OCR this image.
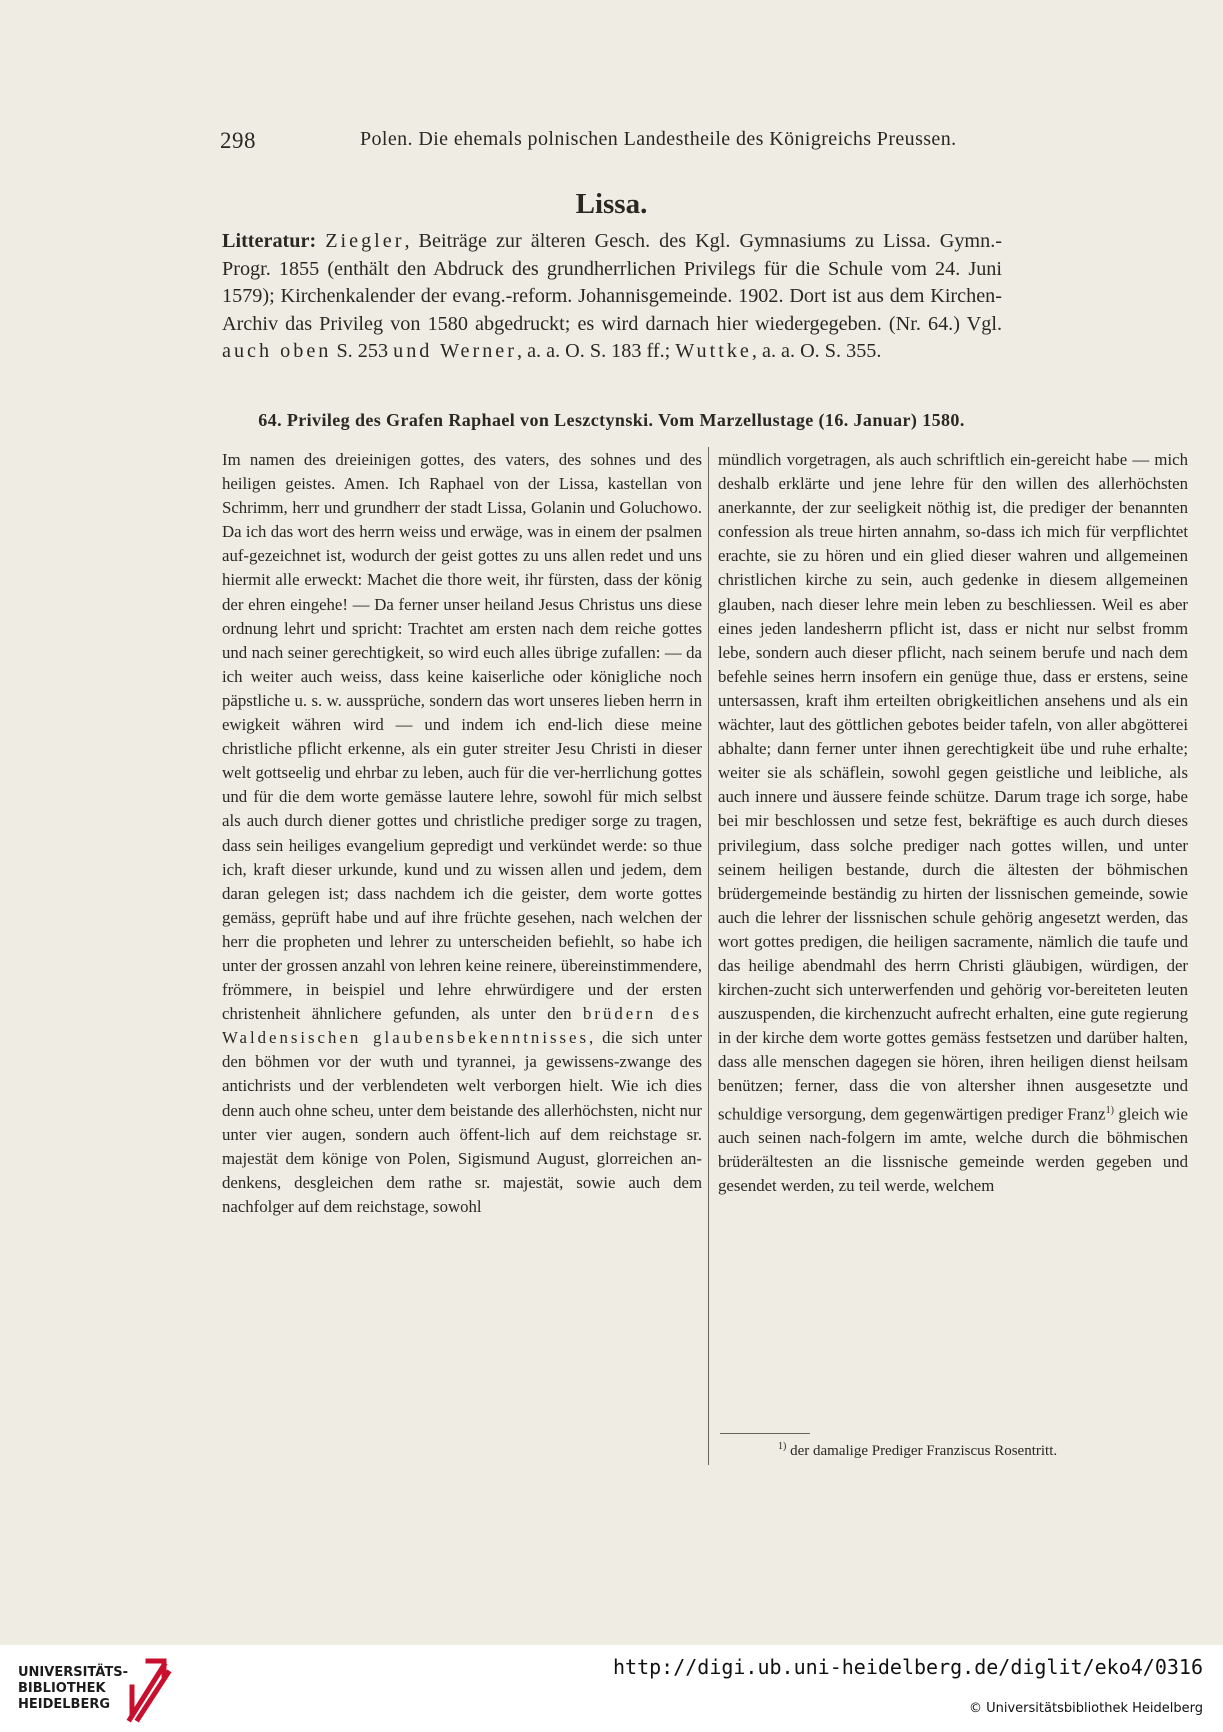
298	Polen. Die ehemals polnischen Landestheile des Königreichs Preussen.
Lissa.
Litteratur: Ziegler, Beiträge zur älteren Gesch. des Kgl. Gymnasiums zu Lissa. Gymn.-Progr. 1855 (enthält den Abdruck des grundherrlichen Privilegs für die Schule vom 24. Juni 1579); Kirchenkalender der evang.-reform. Johannisgemeinde. 1902. Dort ist aus dem Kirchen-Archiv das Privileg von 1580 abgedruckt; es wird darnach hier wiedergegeben. (Nr. 64.) Vgl. auch oben S. 253 und Werner, a. a. O. S. 183 ff.; Wuttke, a. a. O. S. 355.
64. Privileg des Grafen Raphael von Leszctynski. Vom Marzellustage (16. Januar) 1580.
Im namen des dreieinigen gottes, des vaters, des sohnes und des heiligen geistes. Amen. Ich Raphael von der Lissa, kastellan von Schrimm, herr und grundherr der stadt Lissa, Golanin und Goluchowo. Da ich das wort des herrn weiss und erwäge, was in einem der psalmen auf-gezeichnet ist, wodurch der geist gottes zu uns allen redet und uns hiermit alle erweckt: Machet die thore weit, ihr fürsten, dass der könig der ehren eingehe! — Da ferner unser heiland Jesus Christus uns diese ordnung lehrt und spricht: Trachtet am ersten nach dem reiche gottes und nach seiner gerechtigkeit, so wird euch alles übrige zufallen: — da ich weiter auch weiss, dass keine kaiserliche oder königliche noch päpstliche u. s. w. aussprüche, sondern das wort unseres lieben herrn in ewigkeit währen wird — und indem ich end-lich diese meine christliche pflicht erkenne, als ein guter streiter Jesu Christi in dieser welt gottseelig und ehrbar zu leben, auch für die ver-herrlichung gottes und für die dem worte gemässe lautere lehre, sowohl für mich selbst als auch durch diener gottes und christliche prediger sorge zu tragen, dass sein heiliges evangelium gepredigt und verkündet werde: so thue ich, kraft dieser urkunde, kund und zu wissen allen und jedem, dem daran gelegen ist; dass nachdem ich die geister, dem worte gottes gemäss, geprüft habe und auf ihre früchte gesehen, nach welchen der herr die propheten und lehrer zu unterscheiden befiehlt, so habe ich unter der grossen anzahl von lehren keine reinere, übereinstimmendere, frömmere, in beispiel und lehre ehrwürdigere und der ersten christenheit ähnlichere gefunden, als unter den brüdern des Waldensischen glaubensbekenntnisses, die sich unter den böhmen vor der wuth und tyrannei, ja gewissens-zwange des antichrists und der verblendeten welt verborgen hielt. Wie ich dies denn auch ohne scheu, unter dem beistande des allerhöchsten, nicht nur unter vier augen, sondern auch öffent-lich auf dem reichstage sr. majestät dem könige von Polen, Sigismund August, glorreichen an-denkens, desgleichen dem rathe sr. majestät, sowie auch dem nachfolger auf dem reichstage, sowohl
mündlich vorgetragen, als auch schriftlich ein-gereicht habe — mich deshalb erklärte und jene lehre für den willen des allerhöchsten anerkannte, der zur seeligkeit nöthig ist, die prediger der benannten confession als treue hirten annahm, so-dass ich mich für verpflichtet erachte, sie zu hören und ein glied dieser wahren und allgemeinen christlichen kirche zu sein, auch gedenke in diesem allgemeinen glauben, nach dieser lehre mein leben zu beschliessen. Weil es aber eines jeden landesherrn pflicht ist, dass er nicht nur selbst fromm lebe, sondern auch dieser pflicht, nach seinem berufe und nach dem befehle seines herrn insofern ein genüge thue, dass er erstens, seine untersassen, kraft ihm erteilten obrigkeitlichen ansehens und als ein wächter, laut des göttlichen gebotes beider tafeln, von aller abgötterei abhalte; dann ferner unter ihnen gerechtigkeit übe und ruhe erhalte; weiter sie als schäflein, sowohl gegen geistliche und leibliche, als auch innere und äussere feinde schütze. Darum trage ich sorge, habe bei mir beschlossen und setze fest, bekräftige es auch durch dieses privilegium, dass solche prediger nach gottes willen, und unter seinem heiligen bestande, durch die ältesten der böhmischen brüdergemeinde beständig zu hirten der lissnischen gemeinde, sowie auch die lehrer der lissnischen schule gehörig angesetzt werden, das wort gottes predigen, die heiligen sacramente, nämlich die taufe und das heilige abendmahl des herrn Christi gläubigen, würdigen, der kirchen-zucht sich unterwerfenden und gehörig vor-bereiteten leuten auszuspenden, die kirchenzucht aufrecht erhalten, eine gute regierung in der kirche dem worte gottes gemäss festsetzen und darüber halten, dass alle menschen dagegen sie hören, ihren heiligen dienst heilsam benützen; ferner, dass die von altersher ihnen ausgesetzte und schuldige versorgung, dem gegenwärtigen prediger Franz$^{1)}$ gleich wie auch seinen nach-folgern im amte, welche durch die böhmischen brüderältesten an die lissnische gemeinde werden gegeben und gesendet werden, zu teil werde, welchem
$^{1)}$ der damalige Prediger Franziscus Rosentritt.
UNIVERSITÄTS-
BIBLIOTHEK
HEIDELBERG
http://digi.ub.uni-heidelberg.de/diglit/eko4/0316
© Universitätsbibliothek Heidelberg
